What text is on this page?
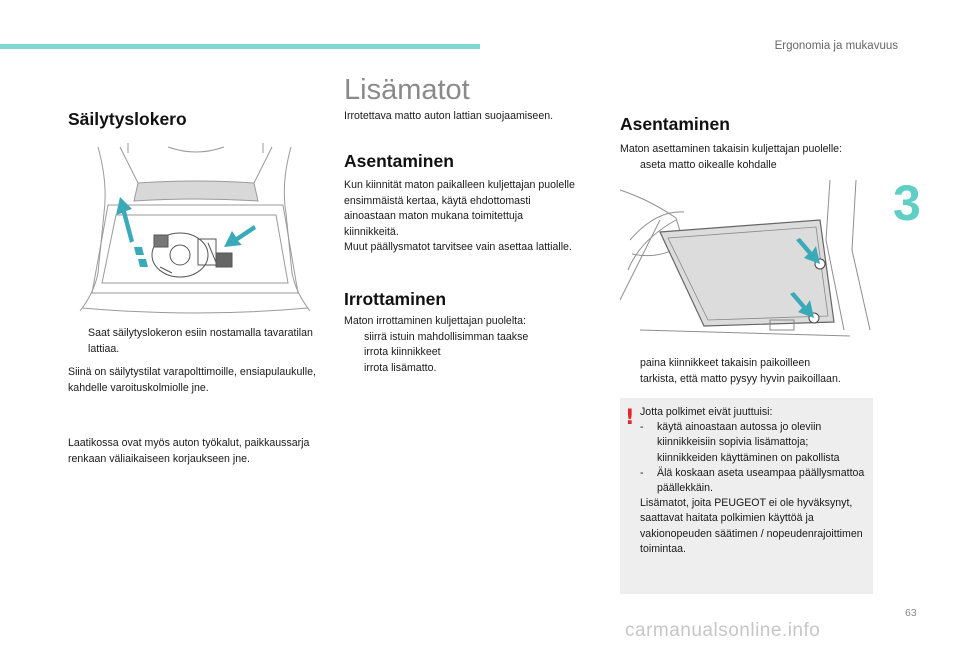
Ergonomia ja mukavuus
3
63
carmanualsonline.info
Säilytyslokero
Saat säilytyslokeron esiin nostamalla tavaratilan lattiaa.
Siinä on säilytystilat varapolttimoille, ensiapulaukulle, kahdelle varoituskolmiolle jne.
Laatikossa ovat myös auton työkalut, paikkaussarja renkaan väliaikaiseen korjaukseen jne.
Lisämatot
Irrotettava matto auton lattian suojaamiseen.
Asentaminen

Kun kiinnität maton paikalleen kuljettajan puolelle ensimmäistä kertaa, käytä ehdottomasti ainoastaan maton mukana toimitettuja kiinnikkeitä.

Muut päällysmatot tarvitsee vain asettaa lattialle.

Irrottaminen

Maton irrottaminen kuljettajan puolelta:

siirrä istuin mahdollisimman taakse
irrota kiinnikkeet
irrota lisämatto.
Asentaminen

Maton asettaminen takaisin kuljettajan puolelle:

aseta matto oikealle kohdalle
paina kiinnikkeet takaisin paikoilleen
tarkista, että matto pysyy hyvin paikoillaan.
! Jotta polkimet eivät juuttuisi:

-	käytä ainoastaan autossa jo oleviin kiinnikkeisiin sopivia lisämattoja; kiinnikkeiden käyttäminen on pakollista
-	Älä koskaan aseta useampaa päällysmattoa päällekkäin.

Lisämatot, joita PEUGEOT ei ole hyväksynyt, saattavat haitata polkimien käyttöä ja vakionopeuden säätimen / nopeudenrajoittimen toimintaa.
